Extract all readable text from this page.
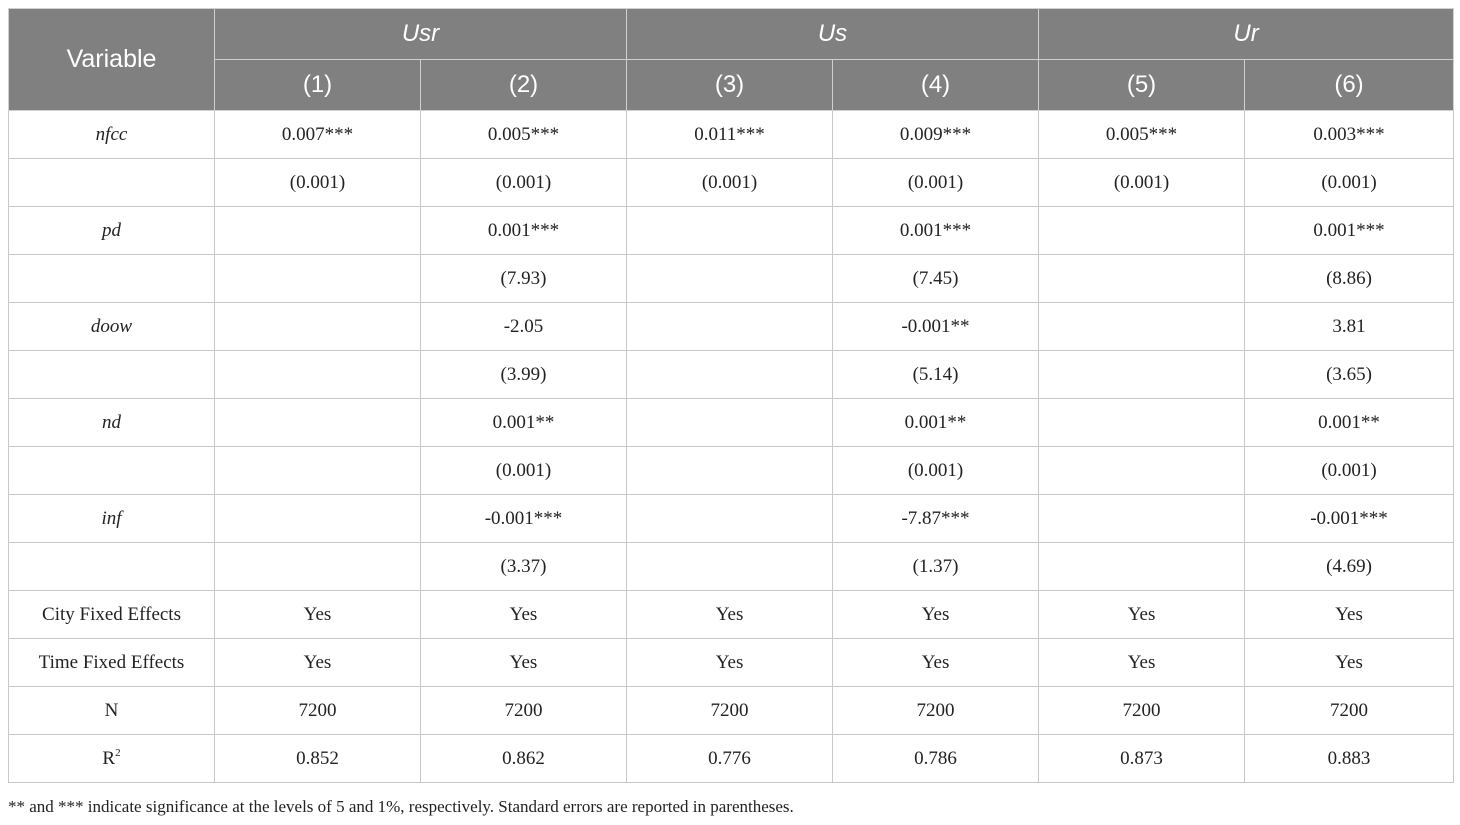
Variable	Usr		Us		Ur	
	(1)	(2)	(3)	(4)	(5)	(6)
nfcc	0.007***	0.005***	0.011***	0.009***	0.005***	0.003***
	(0.001)	(0.001)	(0.001)	(0.001)	(0.001)	(0.001)
pd		0.001***		0.001***		0.001***
		(7.93)		(7.45)		(8.86)
doow		-2.05		-0.001**		3.81
		(3.99)		(5.14)		(3.65)
nd		0.001**		0.001**		0.001**
		(0.001)		(0.001)		(0.001)
inf		-0.001***		-7.87***		-0.001***
		(3.37)		(1.37)		(4.69)
City Fixed Effects	Yes	Yes	Yes	Yes	Yes	Yes
Time Fixed Effects	Yes	Yes	Yes	Yes	Yes	Yes
N	7200	7200	7200	7200	7200	7200
$R^2$	0.852	0.862	0.776	0.786	0.873	0.883
** and *** indicate significance at the levels of 5 and 1%, respectively. Standard errors are reported in parentheses.
